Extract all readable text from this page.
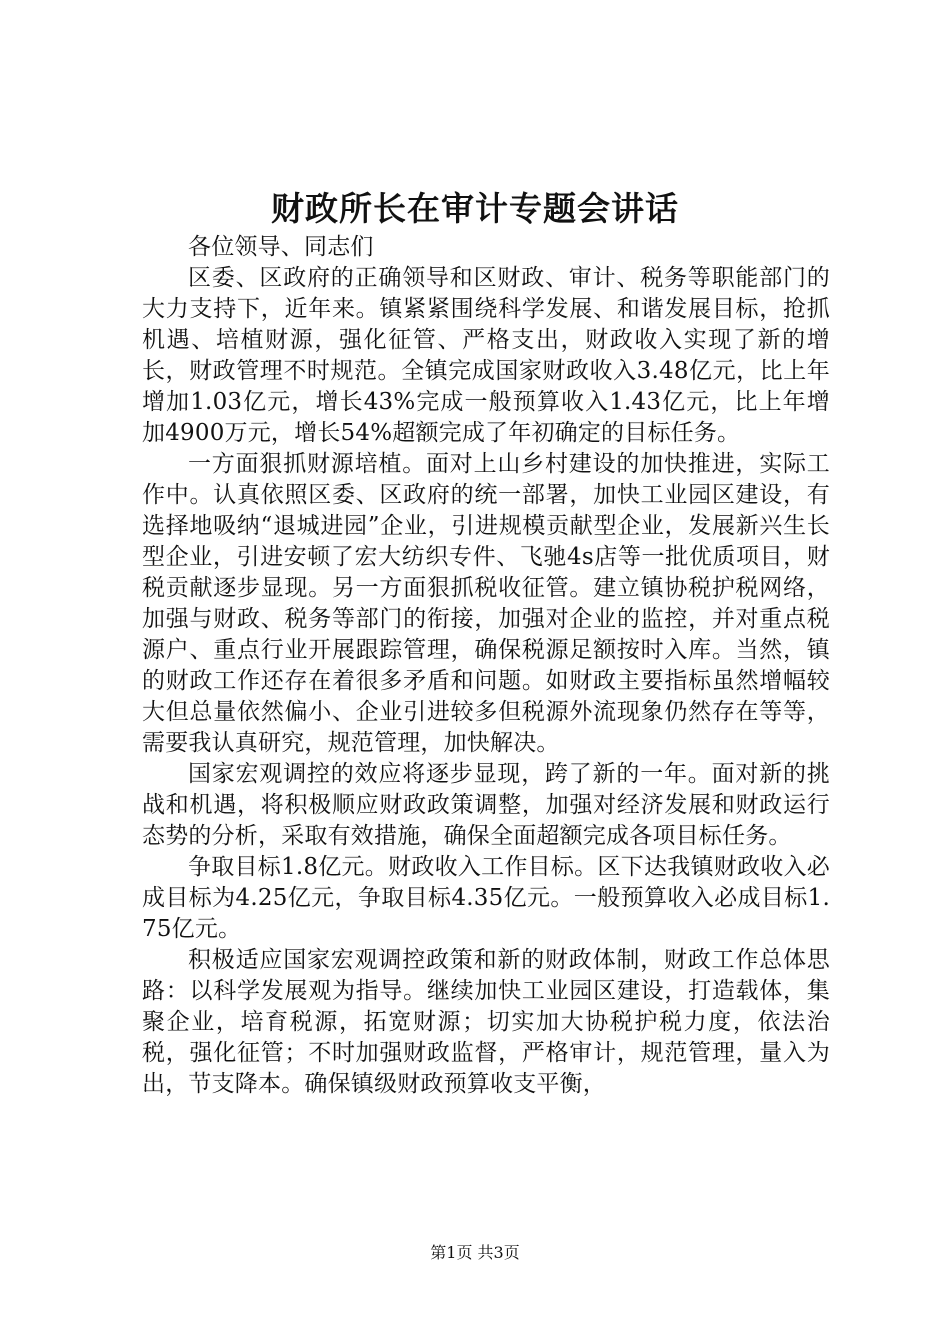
财政所长在审计专题会讲话

各位领导、同志们

区委、区政府的正确领导和区财政、审计、税务等职能部门的大力支持下，近年来。镇紧紧围绕科学发展、和谐发展目标，抢抓机遇、培植财源，强化征管、严格支出，财政收入实现了新的增长，财政管理不时规范。全镇完成国家财政收入3.48亿元，比上年增加1.03亿元，增长43%完成一般预算收入1.43亿元，比上年增加4900万元，增长54%超额完成了年初确定的目标任务。

一方面狠抓财源培植。面对上山乡村建设的加快推进，实际工作中。认真依照区委、区政府的统一部署，加快工业园区建设，有选择地吸纳“退城进园”企业，引进规模贡献型企业，发展新兴生长型企业，引进安顿了宏大纺织专件、飞驰4s店等一批优质项目，财税贡献逐步显现。另一方面狠抓税收征管。建立镇协税护税网络，加强与财政、税务等部门的衔接，加强对企业的监控，并对重点税源户、重点行业开展跟踪管理，确保税源足额按时入库。当然，镇的财政工作还存在着很多矛盾和问题。如财政主要指标虽然增幅较大但总量依然偏小、企业引进较多但税源外流现象仍然存在等等，需要我认真研究，规范管理，加快解决。

国家宏观调控的效应将逐步显现，跨了新的一年。面对新的挑战和机遇，将积极顺应财政政策调整，加强对经济发展和财政运行态势的分析，采取有效措施，确保全面超额完成各项目标任务。

争取目标1.8亿元。财政收入工作目标。区下达我镇财政收入必成目标为4.25亿元，争取目标4.35亿元。一般预算收入必成目标1.75亿元。

积极适应国家宏观调控政策和新的财政体制，财政工作总体思路：以科学发展观为指导。继续加快工业园区建设，打造载体，集聚企业，培育税源，拓宽财源；切实加大协税护税力度，依法治税，强化征管；不时加强财政监督，严格审计，规范管理，量入为出，节支降本。确保镇级财政预算收支平衡，

第1页 共3页
